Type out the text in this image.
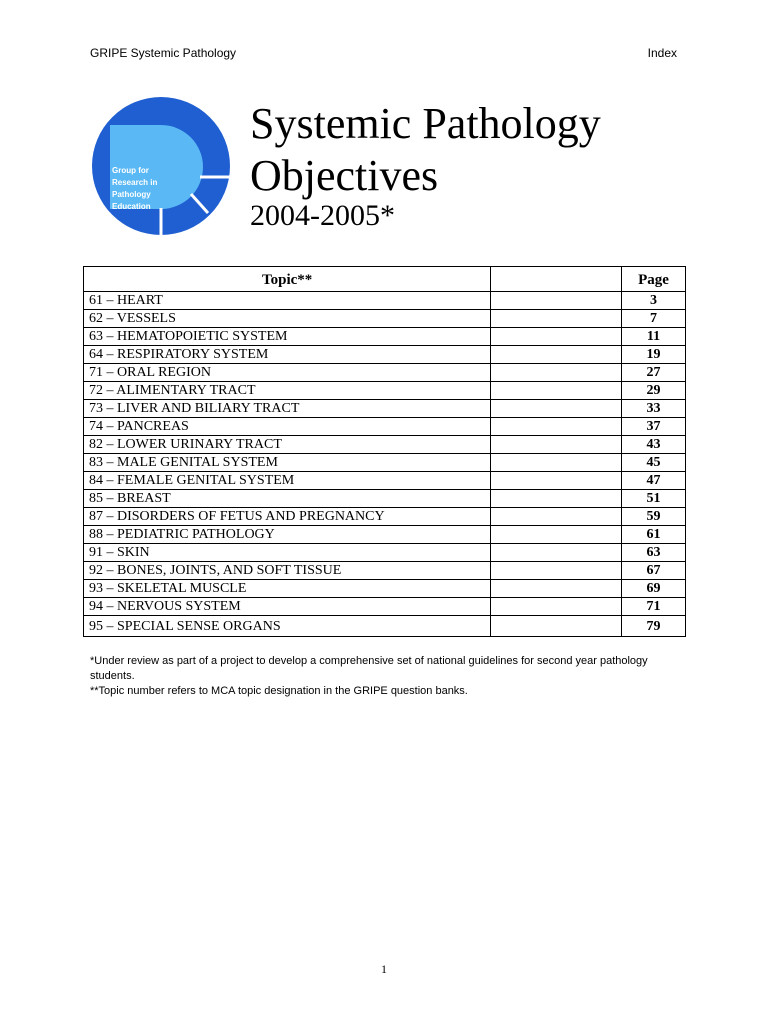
GRIPE Systemic Pathology	Index
Group for
Research in
Pathology
Education
Systemic Pathology
Objectives
2004-2005*
Topic**		Page
61 – HEART		3
62 – VESSELS		7
63 – HEMATOPOIETIC SYSTEM		11
64 – RESPIRATORY SYSTEM		19
71 – ORAL REGION		27
72 – ALIMENTARY TRACT		29
73 – LIVER AND BILIARY TRACT		33
74 – PANCREAS		37
82 – LOWER URINARY TRACT		43
83 – MALE GENITAL SYSTEM		45
84 – FEMALE GENITAL SYSTEM		47
85 – BREAST		51
87 – DISORDERS OF FETUS AND PREGNANCY		59
88 – PEDIATRIC PATHOLOGY		61
91 – SKIN		63
92 – BONES, JOINTS, AND SOFT TISSUE		67
93 – SKELETAL MUSCLE		69
94 – NERVOUS SYSTEM		71
95 – SPECIAL SENSE ORGANS		79

*Under review as part of a project to develop a comprehensive set of national guidelines for second year pathology students.

**Topic number refers to MCA topic designation in the GRIPE question banks.

1
